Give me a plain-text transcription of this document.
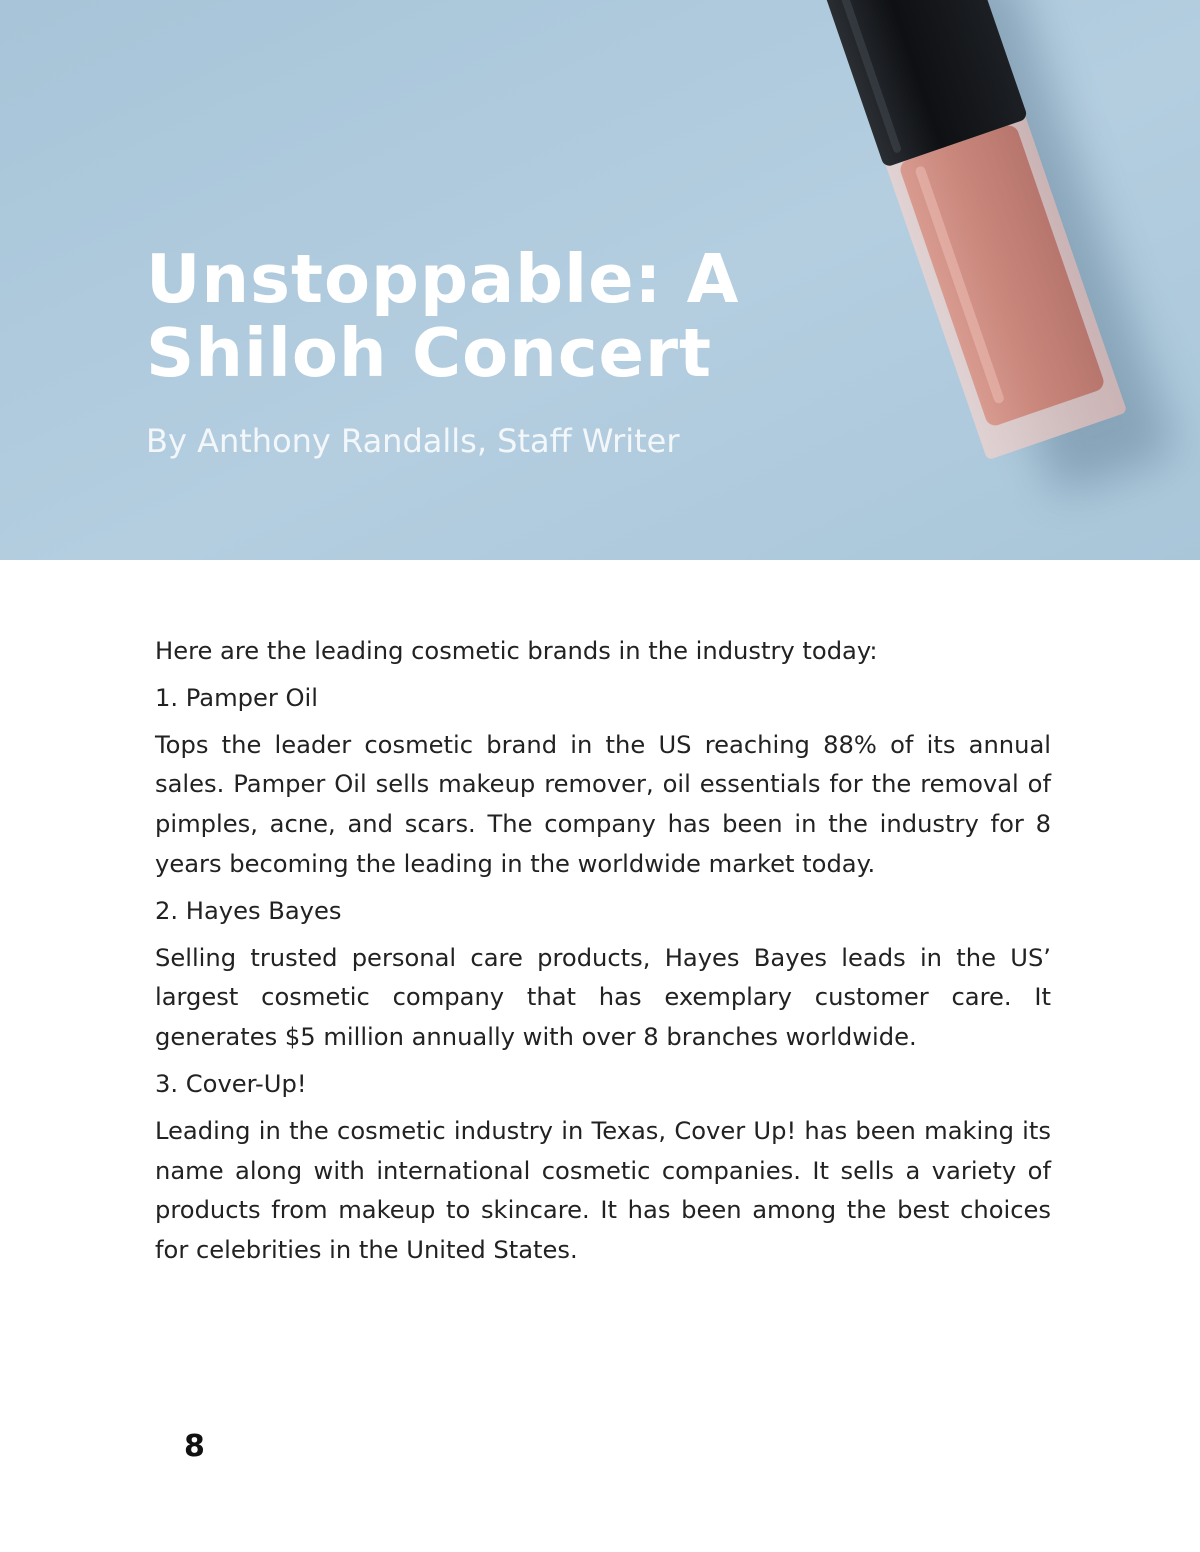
Unstoppable: A Shiloh Concert

By Anthony Randalls, Staff Writer

Here are the leading cosmetic brands in the industry today:

1. Pamper Oil

Tops the leader cosmetic brand in the US reaching 88% of its annual sales. Pamper Oil sells makeup remover, oil essentials for the removal of pimples, acne, and scars. The company has been in the industry for 8 years becoming the leading in the worldwide market today.

2. Hayes Bayes

Selling trusted personal care products, Hayes Bayes leads in the US’ largest cosmetic company that has exemplary customer care. It generates $5 million annually with over 8 branches worldwide.

3. Cover-Up!

Leading in the cosmetic industry in Texas, Cover Up! has been making its name along with international cosmetic companies. It sells a variety of products from makeup to skincare. It has been among the best choices for celebrities in the United States.

8
